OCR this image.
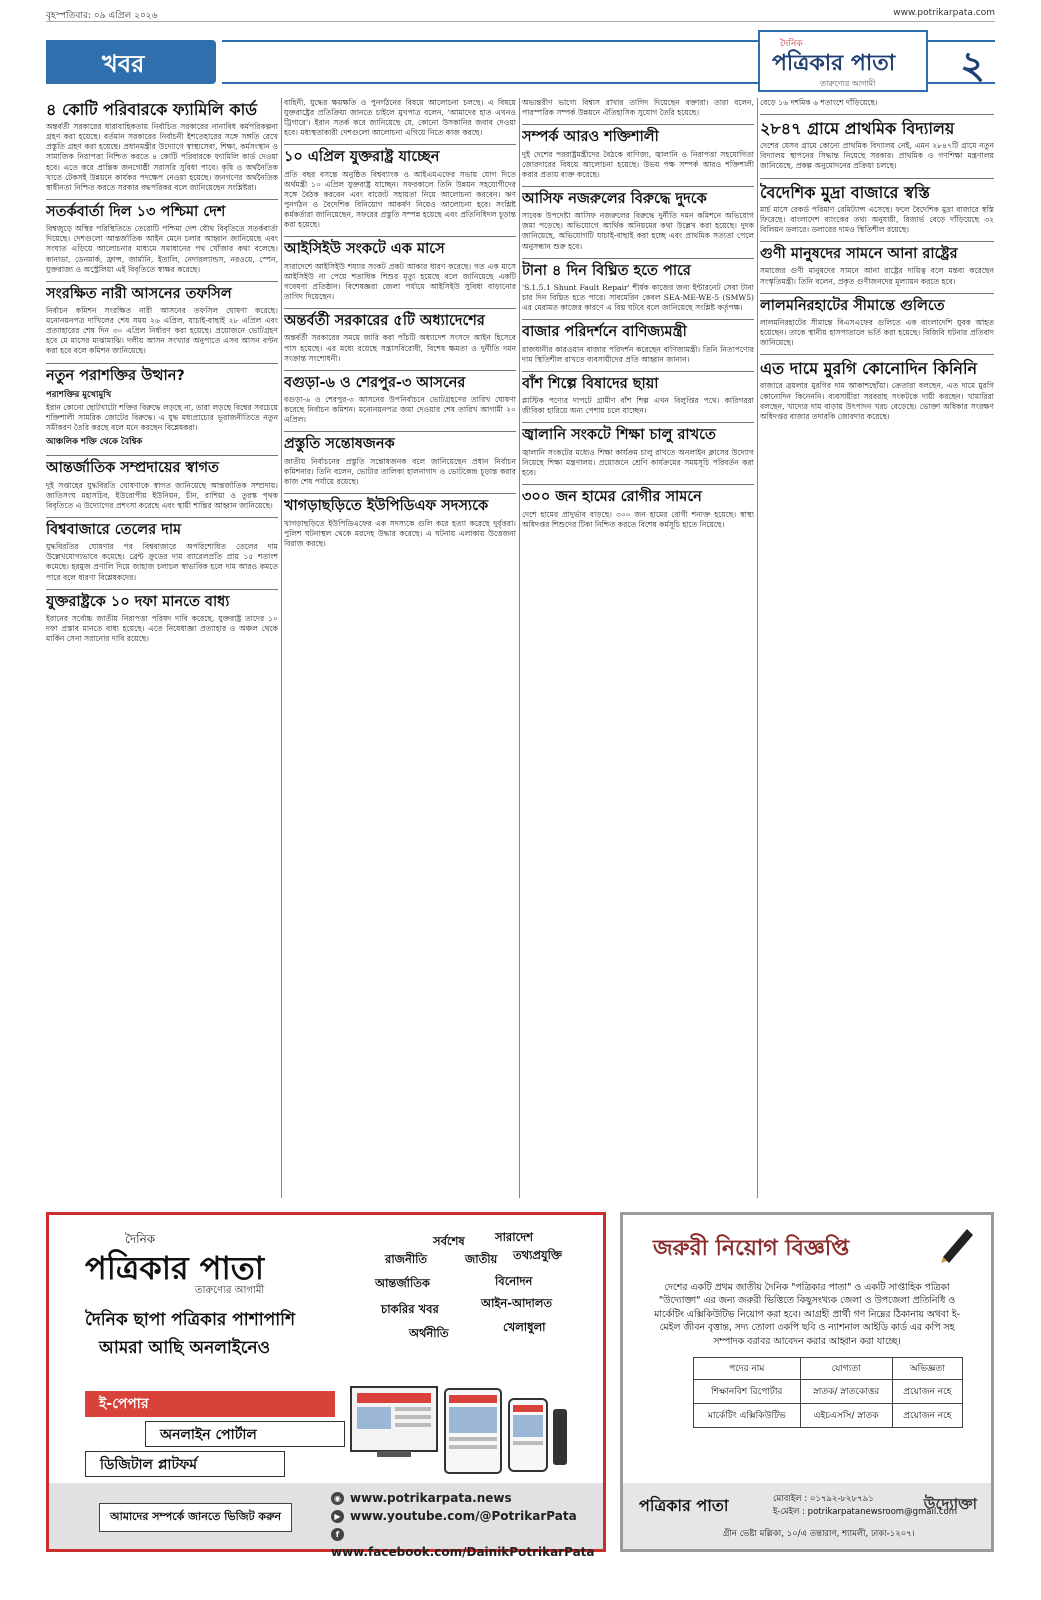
বৃহস্পতিবার: ০৯ এপ্রিল ২০২৬	www.potrikarpata.com
খবর
দৈনিক
পত্রিকার পাতা
তারুণ্যের আগামী ২
৪ কোটি পরিবারকে ফ্যামিলি কার্ড
অন্তর্বর্তী সরকারের ধারাবাহিকতায় নির্বাচিত সরকারের নানাবিধ কর্মপরিকল্পনা গ্রহণ করা হয়েছে। বর্তমান সরকারের নির্বাচনী ইশতেহারের সঙ্গে সঙ্গতি রেখে প্রস্তুতি গ্রহণ করা হয়েছে। প্রধানমন্ত্রীর উদ্যোগে স্বাস্থ্যসেবা, শিক্ষা, কর্মসংস্থান ও সামাজিক নিরাপত্তা নিশ্চিত করতে ৪ কোটি পরিবারকে ফ্যামিলি কার্ড দেওয়া হবে। এতে করে প্রান্তিক জনগোষ্ঠী সরাসরি সুবিধা পাবে। কৃষি ও অর্থনৈতিক খাতে টেকসই উন্নয়নে কার্যকর পদক্ষেপ নেওয়া হয়েছে। জনগণের অর্থনৈতিক স্বাধীনতা নিশ্চিত করতে সরকার বদ্ধপরিকর বলে জানিয়েছেন সংশ্লিষ্টরা।
সতর্কবার্তা দিল ১৩ পশ্চিমা দেশ
বিশ্বজুড়ে অস্থির পরিস্থিতিতে তেরোটি পশ্চিমা দেশ যৌথ বিবৃতিতে সতর্কবার্তা দিয়েছে। দেশগুলো আন্তর্জাতিক আইন মেনে চলার আহ্বান জানিয়েছে এবং সংঘাত এড়িয়ে আলোচনার মাধ্যমে সমাধানের পথ খোঁজার কথা বলেছে। কানাডা, ডেনমার্ক, ফ্রান্স, জার্মানি, ইতালি, নেদারল্যান্ডস, নরওয়ে, স্পেন, যুক্তরাজ্য ও অস্ট্রেলিয়া এই বিবৃতিতে স্বাক্ষর করেছে।
সংরক্ষিত নারী আসনের তফসিল
নির্বাচন কমিশন সংরক্ষিত নারী আসনের তফসিল ঘোষণা করেছে। মনোনয়নপত্র দাখিলের শেষ সময় ২৬ এপ্রিল, যাচাই-বাছাই ২৮ এপ্রিল এবং প্রত্যাহারের শেষ দিন ৩০ এপ্রিল নির্ধারণ করা হয়েছে। প্রয়োজনে ভোটগ্রহণ হবে মে মাসের মাঝামাঝি। দলীয় আসন সংখ্যার অনুপাতে এসব আসন বণ্টন করা হবে বলে কমিশন জানিয়েছে।
নতুন পরাশক্তির উত্থান?
পরাশক্তির মুখোমুখি
ইরান কোনো ছোটখাটো শক্তির বিরুদ্ধে লড়ছে না, তারা লড়ছে বিশ্বের সবচেয়ে শক্তিশালী সামরিক জোটের বিরুদ্ধে। এ যুদ্ধ মধ্যপ্রাচ্যের ভূরাজনীতিতে নতুন সমীকরণ তৈরি করছে বলে মনে করছেন বিশ্লেষকরা।
আঞ্চলিক শক্তি থেকে বৈশ্বিক
আন্তর্জাতিক সম্প্রদায়ের স্বাগত
দুই সপ্তাহের যুদ্ধবিরতি ঘোষণাকে স্বাগত জানিয়েছে আন্তর্জাতিক সম্প্রদায়। জাতিসংঘ মহাসচিব, ইউরোপীয় ইউনিয়ন, চীন, রাশিয়া ও তুরস্ক পৃথক বিবৃতিতে এ উদ্যোগের প্রশংসা করেছে এবং স্থায়ী শান্তির আহ্বান জানিয়েছে।
বিশ্ববাজারে তেলের দাম
যুদ্ধবিরতির ঘোষণার পর বিশ্ববাজারে অপরিশোধিত তেলের দাম উল্লেখযোগ্যভাবে কমেছে। ব্রেন্ট ক্রুডের দাম ব্যারেলপ্রতি প্রায় ১৫ শতাংশ কমেছে। হরমুজ প্রণালি দিয়ে জাহাজ চলাচল স্বাভাবিক হলে দাম আরও কমতে পারে বলে ধারণা বিশ্লেষকদের।
যুক্তরাষ্ট্রকে ১০ দফা মানতে বাধ্য
ইরানের সর্বোচ্চ জাতীয় নিরাপত্তা পরিষদ দাবি করেছে, যুক্তরাষ্ট্র তাদের ১০ দফা প্রস্তাব মানতে বাধ্য হয়েছে। এতে নিষেধাজ্ঞা প্রত্যাহার ও অঞ্চল থেকে মার্কিন সেনা সরানোর দাবি রয়েছে।
বাহিনী, যুদ্ধের ক্ষয়ক্ষতি ও পুনর্গঠনের বিষয়ে আলোচনা চলছে। এ বিষয়ে যুক্তরাষ্ট্রের প্রতিক্রিয়া জানতে চাইলে মুখপাত্র বলেন, 'আমাদের হাত এখনও ট্রিগারে'। ইরান সতর্ক করে জানিয়েছে যে, কোনো উসকানির জবাব দেওয়া হবে। মধ্যস্থতাকারী দেশগুলো আলোচনা এগিয়ে নিতে কাজ করছে।
১০ এপ্রিল যুক্তরাষ্ট্র যাচ্ছেন
প্রতি বছর বসন্তে অনুষ্ঠিত বিশ্বব্যাংক ও আইএমএফের সভায় যোগ দিতে অর্থমন্ত্রী ১০ এপ্রিল যুক্তরাষ্ট্র যাচ্ছেন। সফরকালে তিনি উন্নয়ন সহযোগীদের সঙ্গে বৈঠক করবেন এবং বাজেট সহায়তা নিয়ে আলোচনা করবেন। ঋণ পুনর্গঠন ও বৈদেশিক বিনিয়োগ আকর্ষণ নিয়েও আলোচনা হবে। সংশ্লিষ্ট কর্মকর্তারা জানিয়েছেন, সফরের প্রস্তুতি সম্পন্ন হয়েছে এবং প্রতিনিধিদল চূড়ান্ত করা হয়েছে।
আইসিইউ সংকটে এক মাসে
সারাদেশে আইসিইউ শয্যার সংকট প্রকট আকার ধারণ করেছে। গত এক মাসে আইসিইউ না পেয়ে শতাধিক শিশুর মৃত্যু হয়েছে বলে জানিয়েছে একটি গবেষণা প্রতিষ্ঠান। বিশেষজ্ঞরা জেলা পর্যায়ে আইসিইউ সুবিধা বাড়ানোর তাগিদ দিয়েছেন।
অন্তর্বর্তী সরকারের ৫টি অধ্যাদেশের
অন্তর্বর্তী সরকারের সময়ে জারি করা পাঁচটি অধ্যাদেশ সংসদে আইন হিসেবে পাস হয়েছে। এর মধ্যে রয়েছে সন্ত্রাসবিরোধী, বিশেষ ক্ষমতা ও দুর্নীতি দমন সংক্রান্ত সংশোধনী।
বগুড়া-৬ ও শেরপুর-৩ আসনের
বগুড়া-৬ ও শেরপুর-৩ আসনের উপনির্বাচনে ভোটগ্রহণের তারিখ ঘোষণা করেছে নির্বাচন কমিশন। মনোনয়নপত্র জমা দেওয়ার শেষ তারিখ আগামী ২০ এপ্রিল।
প্রস্তুতি সন্তোষজনক
জাতীয় নির্বাচনের প্রস্তুতি সন্তোষজনক বলে জানিয়েছেন প্রধান নির্বাচন কমিশনার। তিনি বলেন, ভোটার তালিকা হালনাগাদ ও ভোটকেন্দ্র চূড়ান্ত করার কাজ শেষ পর্যায়ে রয়েছে।
খাগড়াছড়িতে ইউপিডিএফ সদস্যকে
খাগড়াছড়িতে ইউপিডিএফের এক সদস্যকে গুলি করে হত্যা করেছে দুর্বৃত্তরা। পুলিশ ঘটনাস্থল থেকে মরদেহ উদ্ধার করেছে। এ ঘটনায় এলাকায় উত্তেজনা বিরাজ করছে।
অভ্যন্তরীণ ভাগ্যে বিশ্বাস রাখার তাগিদ দিয়েছেন বক্তারা। তারা বলেন, পারস্পরিক সম্পর্ক উন্নয়নে ঐতিহাসিক সুযোগ তৈরি হয়েছে।
সম্পর্ক আরও শক্তিশালী
দুই দেশের পররাষ্ট্রমন্ত্রীদের বৈঠকে বাণিজ্য, জ্বালানি ও নিরাপত্তা সহযোগিতা জোরদারের বিষয়ে আলোচনা হয়েছে। উভয় পক্ষ সম্পর্ক আরও শক্তিশালী করার প্রত্যয় ব্যক্ত করেছে।
আসিফ নজরুলের বিরুদ্ধে দুদকে
সাবেক উপদেষ্টা আসিফ নজরুলের বিরুদ্ধে দুর্নীতি দমন কমিশনে অভিযোগ জমা পড়েছে। অভিযোগে আর্থিক অনিয়মের কথা উল্লেখ করা হয়েছে। দুদক জানিয়েছে, অভিযোগটি যাচাই-বাছাই করা হচ্ছে এবং প্রাথমিক সত্যতা পেলে অনুসন্ধান শুরু হবে।
টানা ৪ দিন বিঘ্নিত হতে পারে
'S.1.5.1 Shunt Fault Repair' শীর্ষক কাজের জন্য ইন্টারনেট সেবা টানা চার দিন বিঘ্নিত হতে পারে। সাবমেরিন কেবল SEA-ME-WE-5 (SMW5) এর মেরামত কাজের কারণে এ বিঘ্ন ঘটবে বলে জানিয়েছে সংশ্লিষ্ট কর্তৃপক্ষ।
বাজার পরিদর্শনে বাণিজ্যমন্ত্রী
রাজধানীর কারওয়ান বাজার পরিদর্শন করেছেন বাণিজ্যমন্ত্রী। তিনি নিত্যপণ্যের দাম স্থিতিশীল রাখতে ব্যবসায়ীদের প্রতি আহ্বান জানান।
বাঁশ শিল্পে বিষাদের ছায়া
প্লাস্টিক পণ্যের দাপটে গ্রামীণ বাঁশ শিল্প এখন বিলুপ্তির পথে। কারিগররা জীবিকা হারিয়ে অন্য পেশায় চলে যাচ্ছেন।
জ্বালানি সংকটে শিক্ষা চালু রাখতে
জ্বালানি সংকটের মধ্যেও শিক্ষা কার্যক্রম চালু রাখতে অনলাইন ক্লাসের উদ্যোগ নিয়েছে শিক্ষা মন্ত্রণালয়। প্রয়োজনে শ্রেণি কার্যক্রমের সময়সূচি পরিবর্তন করা হবে।
৩০০ জন হামের রোগীর সামনে
দেশে হামের প্রাদুর্ভাব বাড়ছে। ৩০০ জন হামের রোগী শনাক্ত হয়েছে। স্বাস্থ্য অধিদপ্তর শিশুদের টিকা নিশ্চিত করতে বিশেষ কর্মসূচি হাতে নিয়েছে।
বেড়ে ১৬ দশমিক ৬ শতাংশে দাঁড়িয়েছে।
২৮৪৭ গ্রামে প্রাথমিক বিদ্যালয়
দেশের যেসব গ্রামে কোনো প্রাথমিক বিদ্যালয় নেই, এমন ২৮৪৭টি গ্রামে নতুন বিদ্যালয় স্থাপনের সিদ্ধান্ত নিয়েছে সরকার। প্রাথমিক ও গণশিক্ষা মন্ত্রণালয় জানিয়েছে, প্রকল্প অনুমোদনের প্রক্রিয়া চলছে।
বৈদেশিক মুদ্রা বাজারে স্বস্তি
মার্চ মাসে রেকর্ড পরিমাণ রেমিট্যান্স এসেছে। ফলে বৈদেশিক মুদ্রা বাজারে স্বস্তি ফিরেছে। বাংলাদেশ ব্যাংকের তথ্য অনুযায়ী, রিজার্ভ বেড়ে দাঁড়িয়েছে ৩২ বিলিয়ন ডলারে। ডলারের দামও স্থিতিশীল রয়েছে।
গুণী মানুষদের সামনে আনা রাষ্ট্রের
সমাজের গুণী মানুষদের সামনে আনা রাষ্ট্রের দায়িত্ব বলে মন্তব্য করেছেন সংস্কৃতিমন্ত্রী। তিনি বলেন, প্রকৃত গুণীজনদের মূল্যায়ন করতে হবে।
লালমনিরহাটের সীমান্তে গুলিতে
লালমনিরহাটের সীমান্তে বিএসএফের গুলিতে এক বাংলাদেশি যুবক আহত হয়েছেন। তাকে স্থানীয় হাসপাতালে ভর্তি করা হয়েছে। বিজিবি ঘটনার প্রতিবাদ জানিয়েছে।
এত দামে মুরগি কোনোদিন কিনিনি
বাজারে ব্রয়লার মুরগির দাম আকাশছোঁয়া। ক্রেতারা বলছেন, এত দামে মুরগি কোনোদিন কিনেননি। ব্যবসায়ীরা সরবরাহ সংকটকে দায়ী করছেন। খামারিরা বলছেন, খাদ্যের দাম বাড়ায় উৎপাদন খরচ বেড়েছে। ভোক্তা অধিকার সংরক্ষণ অধিদপ্তর বাজার তদারকি জোরদার করেছে।
দৈনিক
পত্রিকার পাতা
তারুণ্যের আগামী
দৈনিক ছাপা পত্রিকার পাশাপাশি
আমরা আছি অনলাইনেও
সর্বশেষ	সারাদেশ
রাজনীতি	জাতীয় তথ্যপ্রযুক্তি
আন্তর্জাতিক	বিনোদন
চাকরির খবর	আইন-আদালত
অর্থনীতি	খেলাধুলা
ই-পেপার
অনলাইন পোর্টাল
ডিজিটাল প্লাটফর্ম
আমাদের সম্পর্কে জানতে ভিজিট করুন
◉ www.potrikarpata.news
▶ www.youtube.com/@PotrikarPata
fwww.facebook.com/DainikPotrikarPata
জরুরী নিয়োগ বিজ্ঞপ্তি
দেশের একটি প্রথম জাতীয় দৈনিক "পত্রিকার পাতা" ও একটি সাপ্তাহিক পত্রিকা "উদ্যোক্তা" এর জন্য জরুরী ভিত্তিতে কিছুসংখ্যক জেলা ও উপজেলা প্রতিনিধি ও মার্কেটিং এক্সিকিউটিভ নিয়োগ করা হবে। আগ্রহী প্রার্থী গণ নিম্নের ঠিকানায় অথবা ই-মেইল জীবন বৃত্তান্ত, সদ্য তোলা ৩কপি ছবি ও ন্যাশনাল আইডি কার্ড এর কপি সহ সম্পাদক বরাবর আবেদন করার আহ্বান করা যাচ্ছে।
পদের নাম	যোগ্যতা	অভিজ্ঞতা
শিক্ষানবিশ রিপোর্টার	স্নাতক/ স্নাতকোত্তর	প্রয়োজন নহে
মার্কেটিং এক্সিকিউটিভ	এইচএসসি/ স্নাতক	প্রয়োজন নহে
পত্রিকার পাতা	মোবাইল : ০১৭৯২-৮২৮৭৯১
ই-মেইল : potrikarpatanewsroom@gmail.com
উদ্যোক্তা
গ্রীন ভেষ্টা মল্লিকা, ১০/এ তন্তারাণ, শ্যামলী, ঢাকা-১২০৭।
